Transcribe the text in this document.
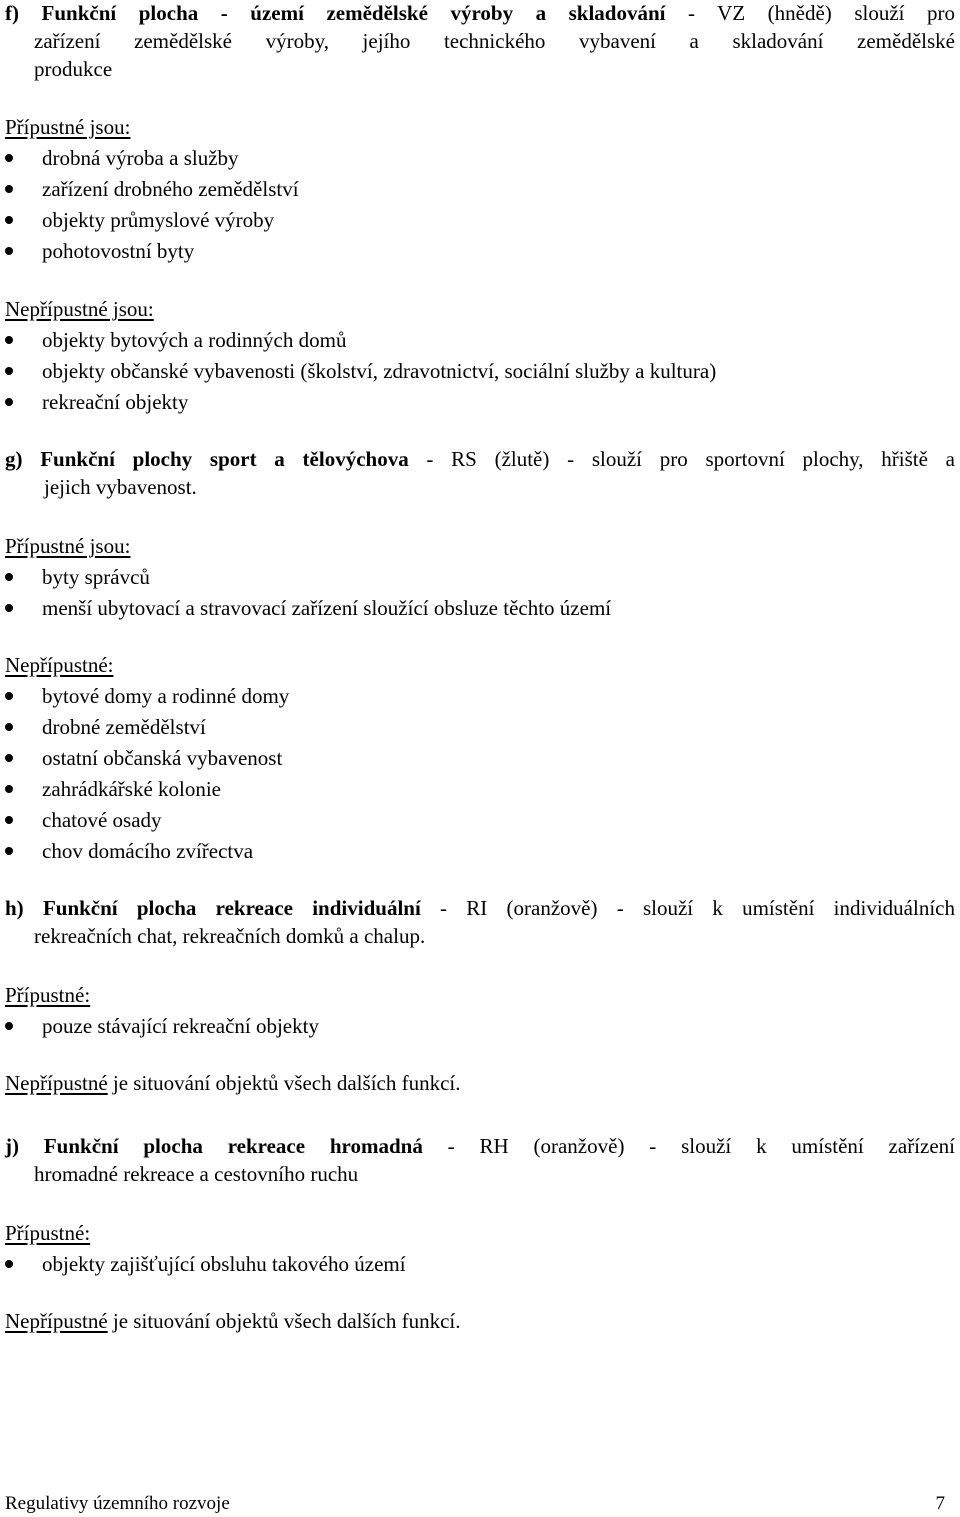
f) Funkční plocha - území zemědělské výroby a skladování - VZ (hnědě) slouží pro
zařízení zemědělské výroby, jejího technického vybavení a skladování zemědělské
produkce
Přípustné jsou:
drobná výroba a služby
zařízení drobného zemědělství
objekty průmyslové výroby
pohotovostní byty
Nepřípustné jsou:
objekty bytových a rodinných domů
objekty občanské vybavenosti (školství, zdravotnictví, sociální služby a kultura)
rekreační objekty
g) Funkční plochy sport a tělovýchova - RS (žlutě) - slouží pro sportovní plochy, hřiště a
jejich vybavenost.
Přípustné jsou:
byty správců
menší ubytovací a stravovací zařízení sloužící obsluze těchto území
Nepřípustné:
bytové domy a rodinné domy
drobné zemědělství
ostatní občanská vybavenost
zahrádkářské kolonie
chatové osady
chov domácího zvířectva
h) Funkční plocha rekreace individuální - RI (oranžově) - slouží k umístění individuálních
rekreačních chat, rekreačních domků a chalup.
Přípustné:
pouze stávající rekreační objekty
Nepřípustné je situování objektů všech dalších funkcí.
j) Funkční plocha rekreace hromadná - RH (oranžově) - slouží k umístění zařízení
hromadné rekreace a cestovního ruchu
Přípustné:
objekty zajišťující obsluhu takového území
Nepřípustné je situování objektů všech dalších funkcí.
Regulativy územního rozvoje	7
